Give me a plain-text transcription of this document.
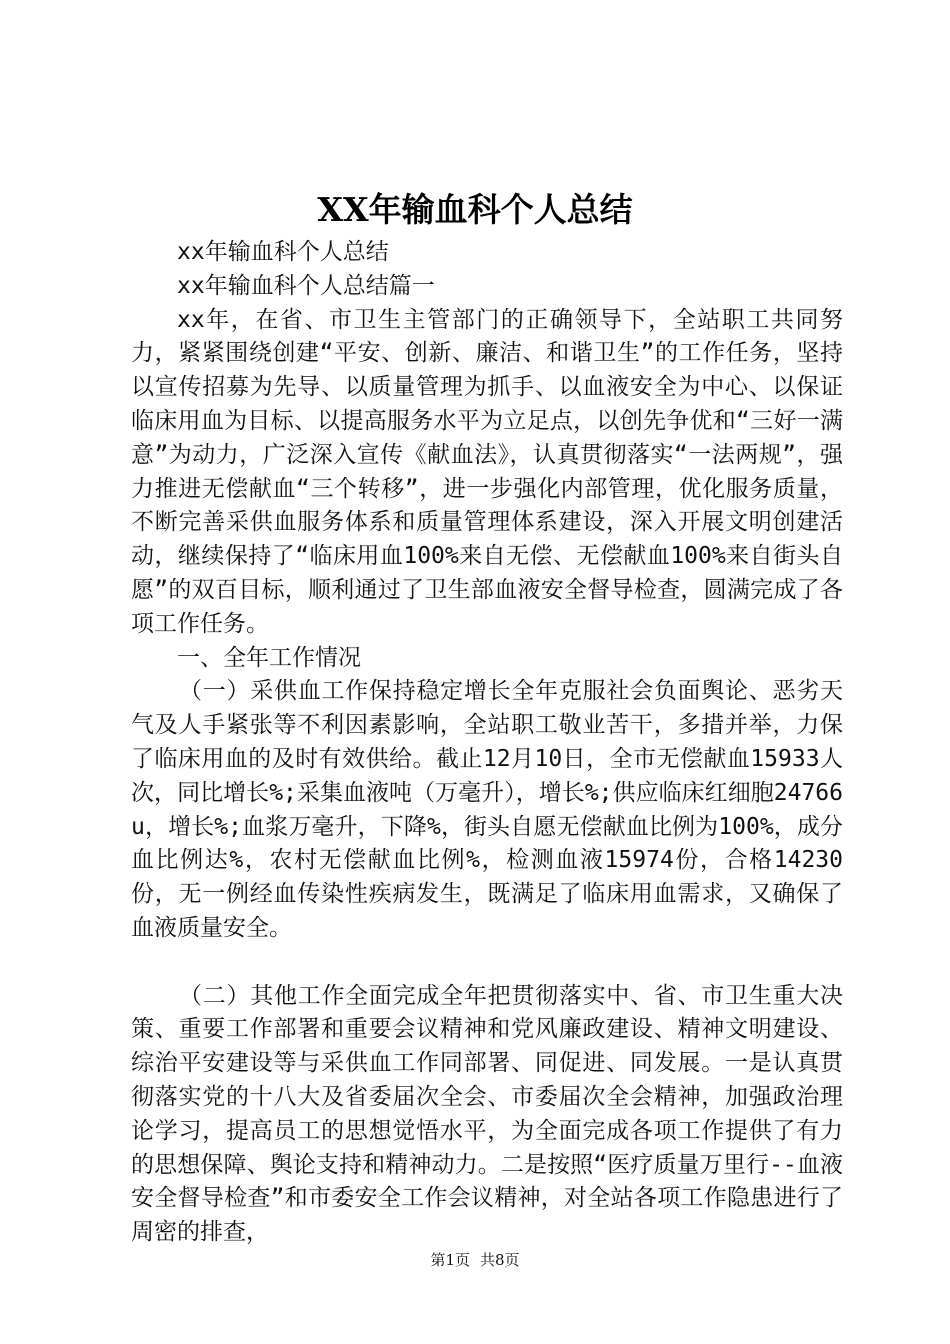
XX年输血科个人总结

xx年输血科个人总结

xx年输血科个人总结篇一

xx年，在省、市卫生主管部门的正确领导下，全站职工共同努力，紧紧围绕创建“平安、创新、廉洁、和谐卫生”的工作任务，坚持以宣传招募为先导、以质量管理为抓手、以血液安全为中心、以保证临床用血为目标、以提高服务水平为立足点，以创先争优和“三好一满意”为动力，广泛深入宣传《献血法》，认真贯彻落实“一法两规”，强力推进无偿献血“三个转移”，进一步强化内部管理，优化服务质量，不断完善采供血服务体系和质量管理体系建设，深入开展文明创建活动，继续保持了“临床用血100%来自无偿、无偿献血100%来自街头自愿”的双百目标，顺利通过了卫生部血液安全督导检查，圆满完成了各项工作任务。

一、全年工作情况

（一）采供血工作保持稳定增长全年克服社会负面舆论、恶劣天气及人手紧张等不利因素影响，全站职工敬业苦干，多措并举，力保了临床用血的及时有效供给。截止12月10日，全市无偿献血15933人次，同比增长%;采集血液吨（万毫升），增长%;供应临床红细胞24766u，增长%;血浆万毫升，下降%，街头自愿无偿献血比例为100%，成分血比例达%，农村无偿献血比例%，检测血液15974份，合格14230份，无一例经血传染性疾病发生，既满足了临床用血需求，又确保了血液质量安全。

（二）其他工作全面完成全年把贯彻落实中、省、市卫生重大决策、重要工作部署和重要会议精神和党风廉政建设、精神文明建设、综治平安建设等与采供血工作同部署、同促进、同发展。一是认真贯彻落实党的十八大及省委届次全会、市委届次全会精神，加强政治理论学习，提高员工的思想觉悟水平，为全面完成各项工作提供了有力的思想保障、舆论支持和精神动力。二是按照“医疗质量万里行--血液安全督导检查”和市委安全工作会议精神，对全站各项工作隐患进行了周密的排查，

第1页 共8页
